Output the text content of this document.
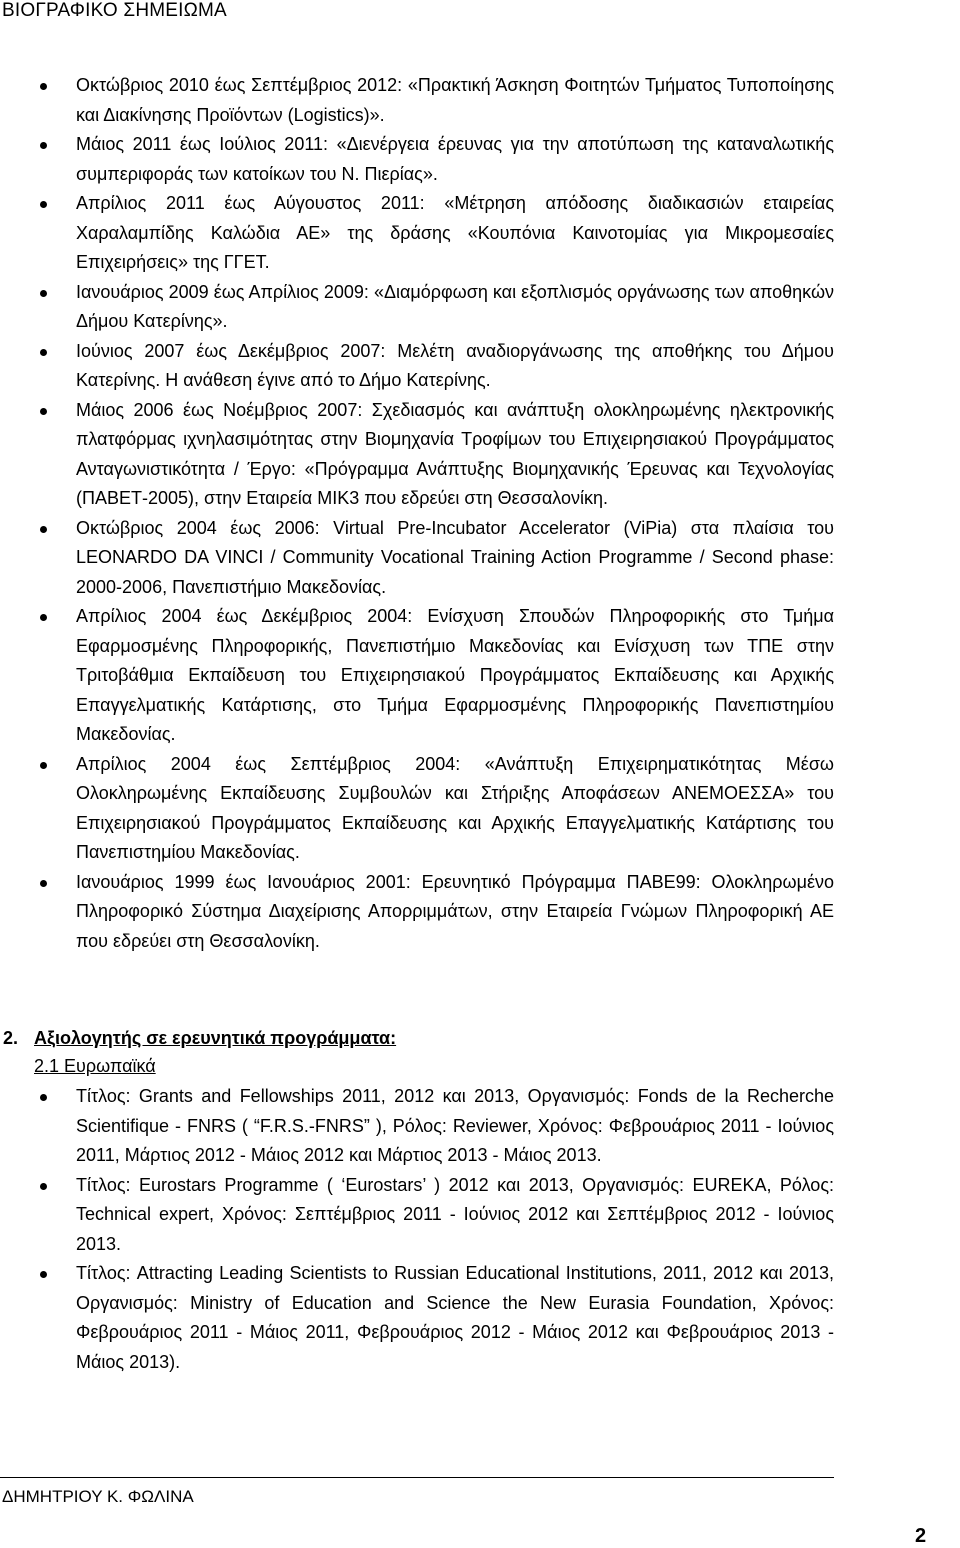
ΒΙΟΓΡΑΦΙΚΟ ΣΗΜΕΙΩΜΑ
Οκτώβριος 2010 έως Σεπτέμβριος 2012: «Πρακτική Άσκηση Φοιτητών Τμήματος Τυποποίησης και Διακίνησης Προϊόντων (Logistics)».
Μάιος 2011 έως Ιούλιος 2011: «Διενέργεια έρευνας για την αποτύπωση της καταναλωτικής συμπεριφοράς των κατοίκων του Ν. Πιερίας».
Απρίλιος 2011 έως Αύγουστος 2011: «Μέτρηση απόδοσης διαδικασιών εταιρείας Χαραλαμπίδης Καλώδια ΑΕ» της δράσης «Κουπόνια Καινοτομίας για Μικρομεσαίες Επιχειρήσεις» της ΓΓΕΤ.
Ιανουάριος 2009 έως Απρίλιος 2009: «Διαμόρφωση και εξοπλισμός οργάνωσης των αποθηκών Δήμου Κατερίνης».
Ιούνιος 2007 έως Δεκέμβριος 2007: Μελέτη αναδιοργάνωσης της αποθήκης του Δήμου Κατερίνης. Η ανάθεση έγινε από το Δήμο Κατερίνης.
Μάιος 2006 έως Νοέμβριος 2007: Σχεδιασμός και ανάπτυξη ολοκληρωμένης ηλεκτρονικής πλατφόρμας ιχνηλασιμότητας στην Βιομηχανία Τροφίμων του Επιχειρησιακού Προγράμματος Ανταγωνιστικότητα / Έργο: «Πρόγραμμα Ανάπτυξης Βιομηχανικής Έρευνας και Τεχνολογίας (ΠΑΒΕΤ-2005), στην Εταιρεία ΜΙΚ3 που εδρεύει στη Θεσσαλονίκη.
Οκτώβριος 2004 έως 2006: Virtual Pre-Incubator Accelerator (ViPia) στα πλαίσια του LEONARDO DA VINCI / Community Vocational Training Action Programme / Second phase: 2000-2006, Πανεπιστήμιο Μακεδονίας.
Απρίλιος 2004 έως Δεκέμβριος 2004: Ενίσχυση Σπουδών Πληροφορικής στο Τμήμα Εφαρμοσμένης Πληροφορικής, Πανεπιστήμιο Μακεδονίας και Ενίσχυση των ΤΠΕ στην Τριτοβάθμια Εκπαίδευση του Επιχειρησιακού Προγράμματος Εκπαίδευσης και Αρχικής Επαγγελματικής Κατάρτισης, στο Τμήμα Εφαρμοσμένης Πληροφορικής Πανεπιστημίου Μακεδονίας.
Απρίλιος 2004 έως Σεπτέμβριος 2004: «Ανάπτυξη Επιχειρηματικότητας Μέσω Ολοκληρωμένης Εκπαίδευσης Συμβουλών και Στήριξης Αποφάσεων ΑΝΕΜΟΕΣΣΑ» του Επιχειρησιακού Προγράμματος Εκπαίδευσης και Αρχικής Επαγγελματικής Κατάρτισης του Πανεπιστημίου Μακεδονίας.
Ιανουάριος 1999 έως Ιανουάριος 2001: Ερευνητικό Πρόγραμμα ΠΑΒΕ99: Ολοκληρωμένο Πληροφορικό Σύστημα Διαχείρισης Απορριμμάτων, στην Εταιρεία Γνώμων Πληροφορική ΑΕ που εδρεύει στη Θεσσαλονίκη.
2. Αξιολογητής σε ερευνητικά προγράμματα:
2.1 Ευρωπαϊκά
Τίτλος: Grants and Fellowships 2011, 2012 και 2013, Οργανισμός: Fonds de la Recherche Scientifique - FNRS ( “F.R.S.-FNRS” ), Ρόλος: Reviewer, Χρόνος: Φεβρουάριος 2011 - Ιούνιος 2011, Μάρτιος 2012 - Μάιος 2012 και Μάρτιος 2013 - Μάιος 2013.
Τίτλος: Eurostars Programme ( ‘Eurostars’ ) 2012 και 2013, Οργανισμός: EUREKA, Ρόλος: Technical expert, Χρόνος: Σεπτέμβριος 2011 - Ιούνιος 2012 και Σεπτέμβριος 2012 - Ιούνιος 2013.
Τίτλος: Attracting Leading Scientists to Russian Educational Institutions, 2011, 2012 και 2013, Οργανισμός: Ministry of Education and Science the New Eurasia Foundation, Χρόνος: Φεβρουάριος 2011 - Μάιος 2011, Φεβρουάριος 2012 - Μάιος 2012 και Φεβρουάριος 2013 - Μάιος 2013).
ΔΗΜΗΤΡΙΟΥ Κ. ΦΩΛΙΝΑ
2
